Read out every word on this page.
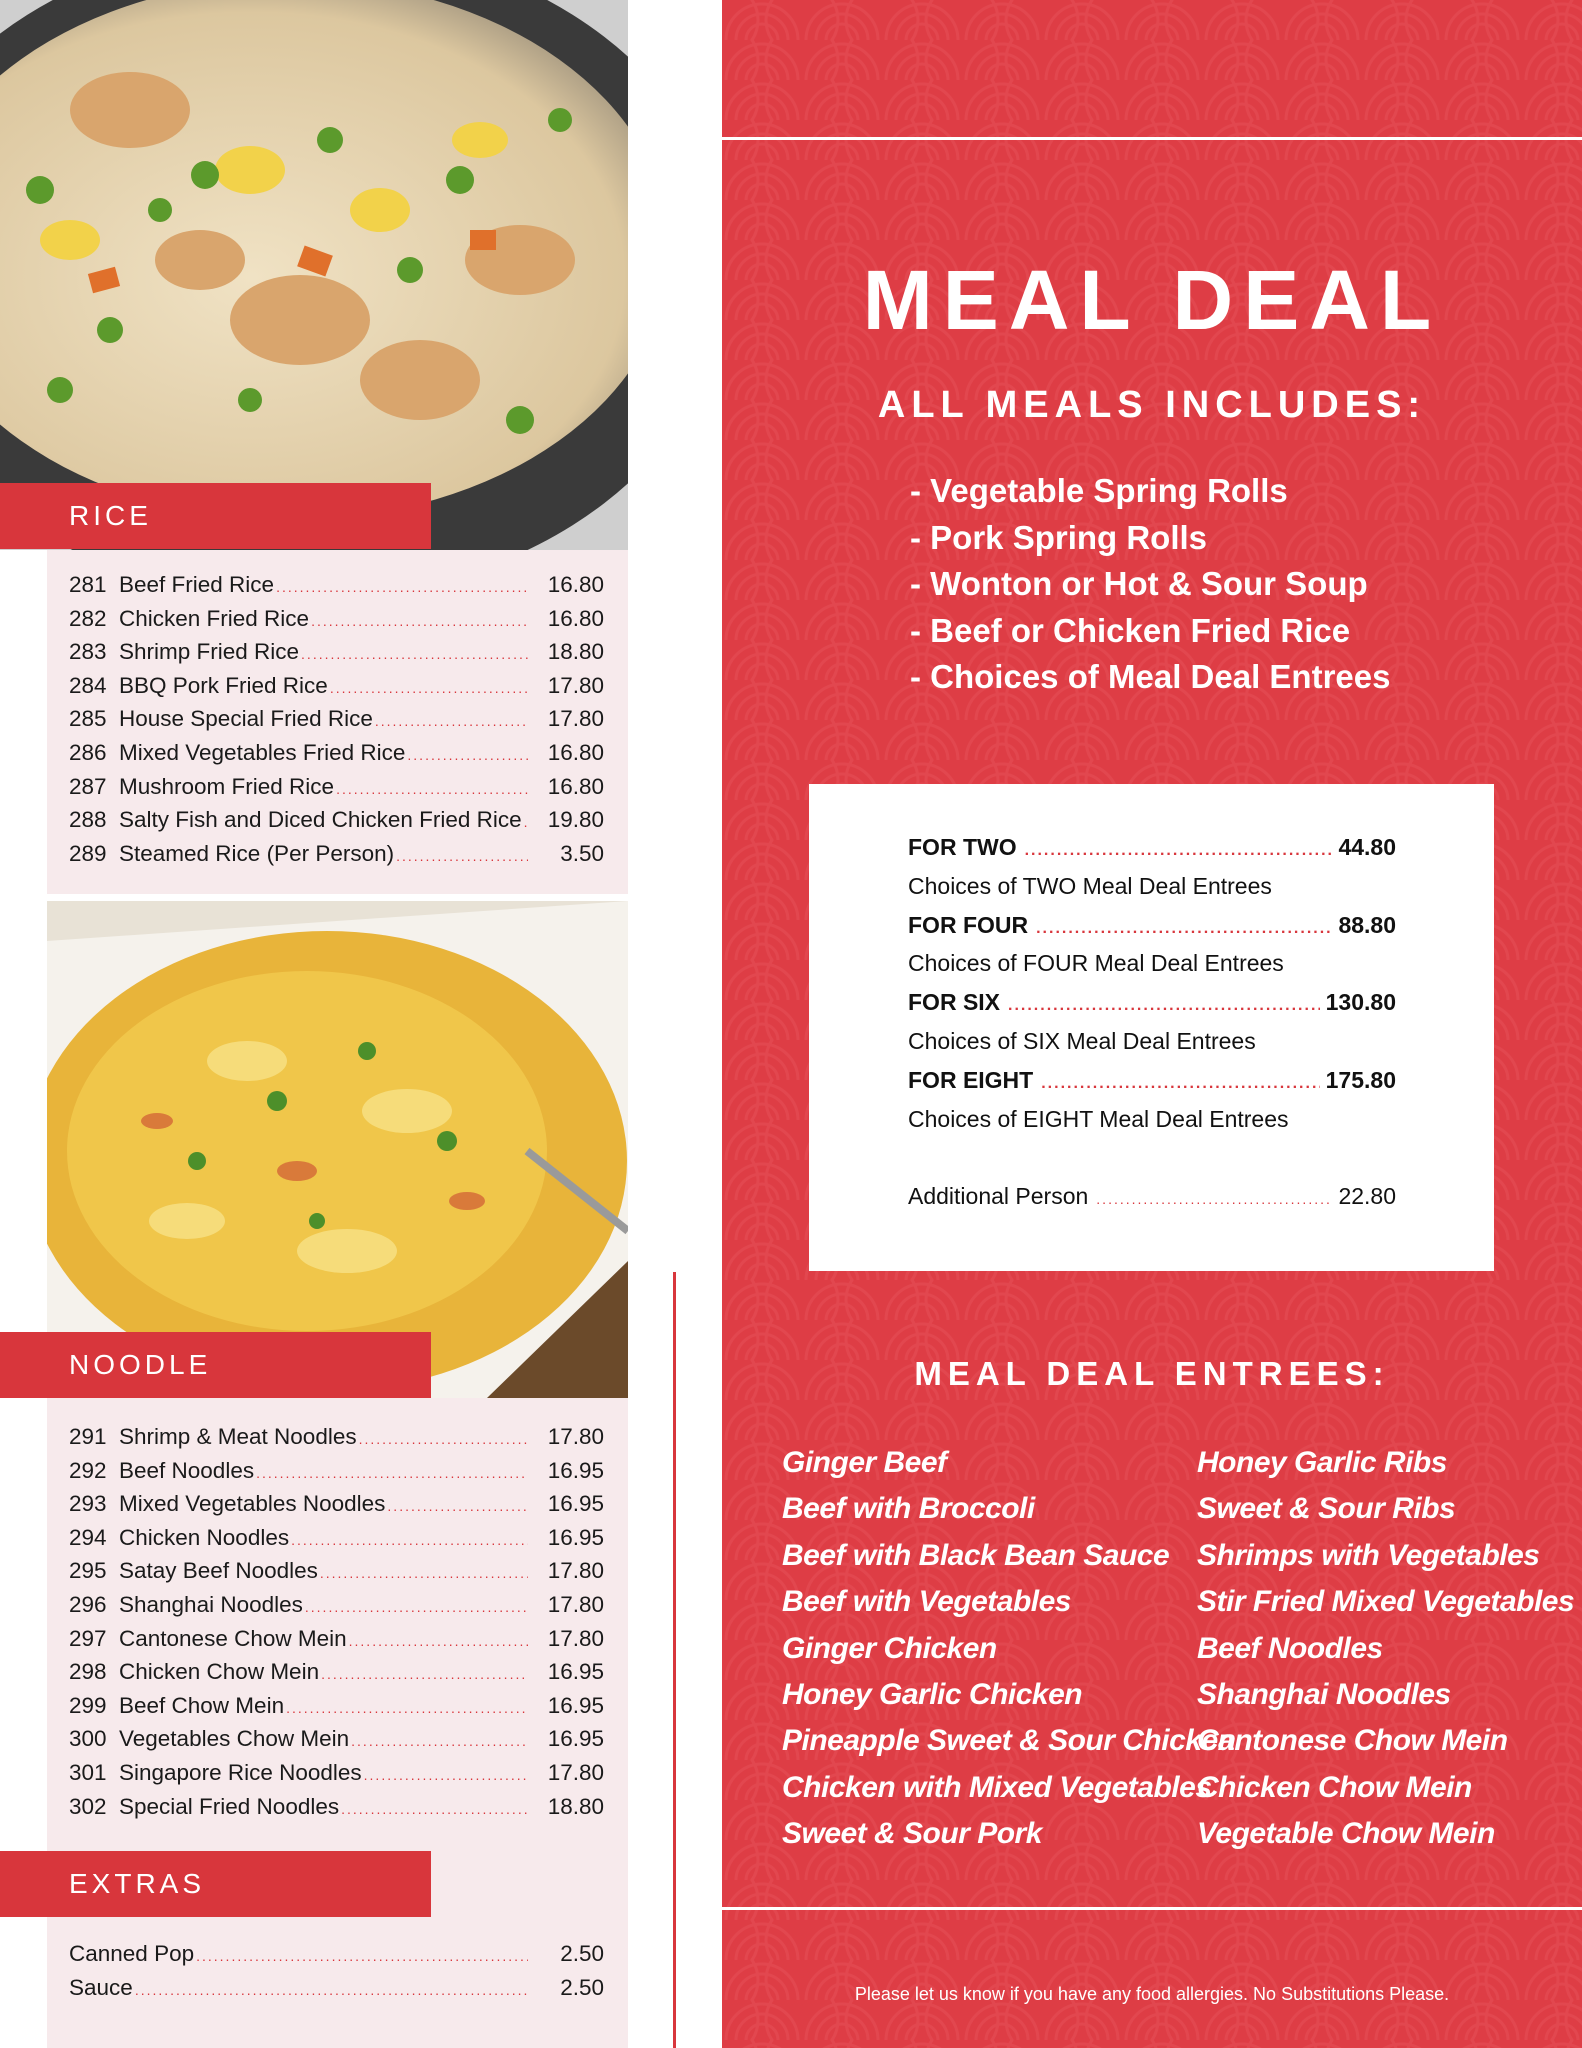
RICE
281 Beef Fried Rice .....	16.80
282 Chicken Fried Rice .....	16.80
283 Shrimp Fried Rice .....	18.80
284 BBQ Pork Fried Rice .....	17.80
285 House Special Fried Rice .....	17.80
286 Mixed Vegetables Fried Rice .....	16.80
287 Mushroom Fried Rice .....	16.80
288 Salty Fish and Diced Chicken Fried Rice .....	19.80
289 Steamed Rice (Per Person) .....	3.50
NOODLE
291 Shrimp & Meat Noodles .....	17.80
292 Beef Noodles .....	16.95
293 Mixed Vegetables Noodles .....	16.95
294 Chicken Noodles .....	16.95
295 Satay Beef Noodles .....	17.80
296 Shanghai Noodles .....	17.80
297 Cantonese Chow Mein .....	17.80
298 Chicken Chow Mein .....	16.95
299 Beef Chow Mein .....	16.95
300 Vegetables Chow Mein .....	16.95
301 Singapore Rice Noodles .....	17.80
302 Special Fried Noodles .....	18.80
EXTRAS
Canned Pop .....	2.50
Sauce .....	2.50
MEAL DEAL
ALL MEALS INCLUDES:
- Vegetable Spring Rolls
- Pork Spring Rolls
- Wonton or Hot & Sour Soup
- Beef or Chicken Fried Rice
- Choices of Meal Deal Entrees
FOR TWO .....	44.80
Choices of TWO Meal Deal Entrees
FOR FOUR .....	88.80
Choices of FOUR Meal Deal Entrees
FOR SIX .....	130.80
Choices of SIX Meal Deal Entrees
FOR EIGHT .....	175.80
Choices of EIGHT Meal Deal Entrees
Additional Person .....	22.80
MEAL DEAL ENTREES:
Ginger Beef
Beef with Broccoli
Beef with Black Bean Sauce
Beef with Vegetables
Ginger Chicken
Honey Garlic Chicken
Pineapple Sweet & Sour Chicken
Chicken with Mixed Vegetables
Sweet & Sour Pork
Honey Garlic Ribs
Sweet & Sour Ribs
Shrimps with Vegetables
Stir Fried Mixed Vegetables
Beef Noodles
Shanghai Noodles
Cantonese Chow Mein
Chicken Chow Mein
Vegetable Chow Mein
Please let us know if you have any food allergies. No Substitutions Please.
